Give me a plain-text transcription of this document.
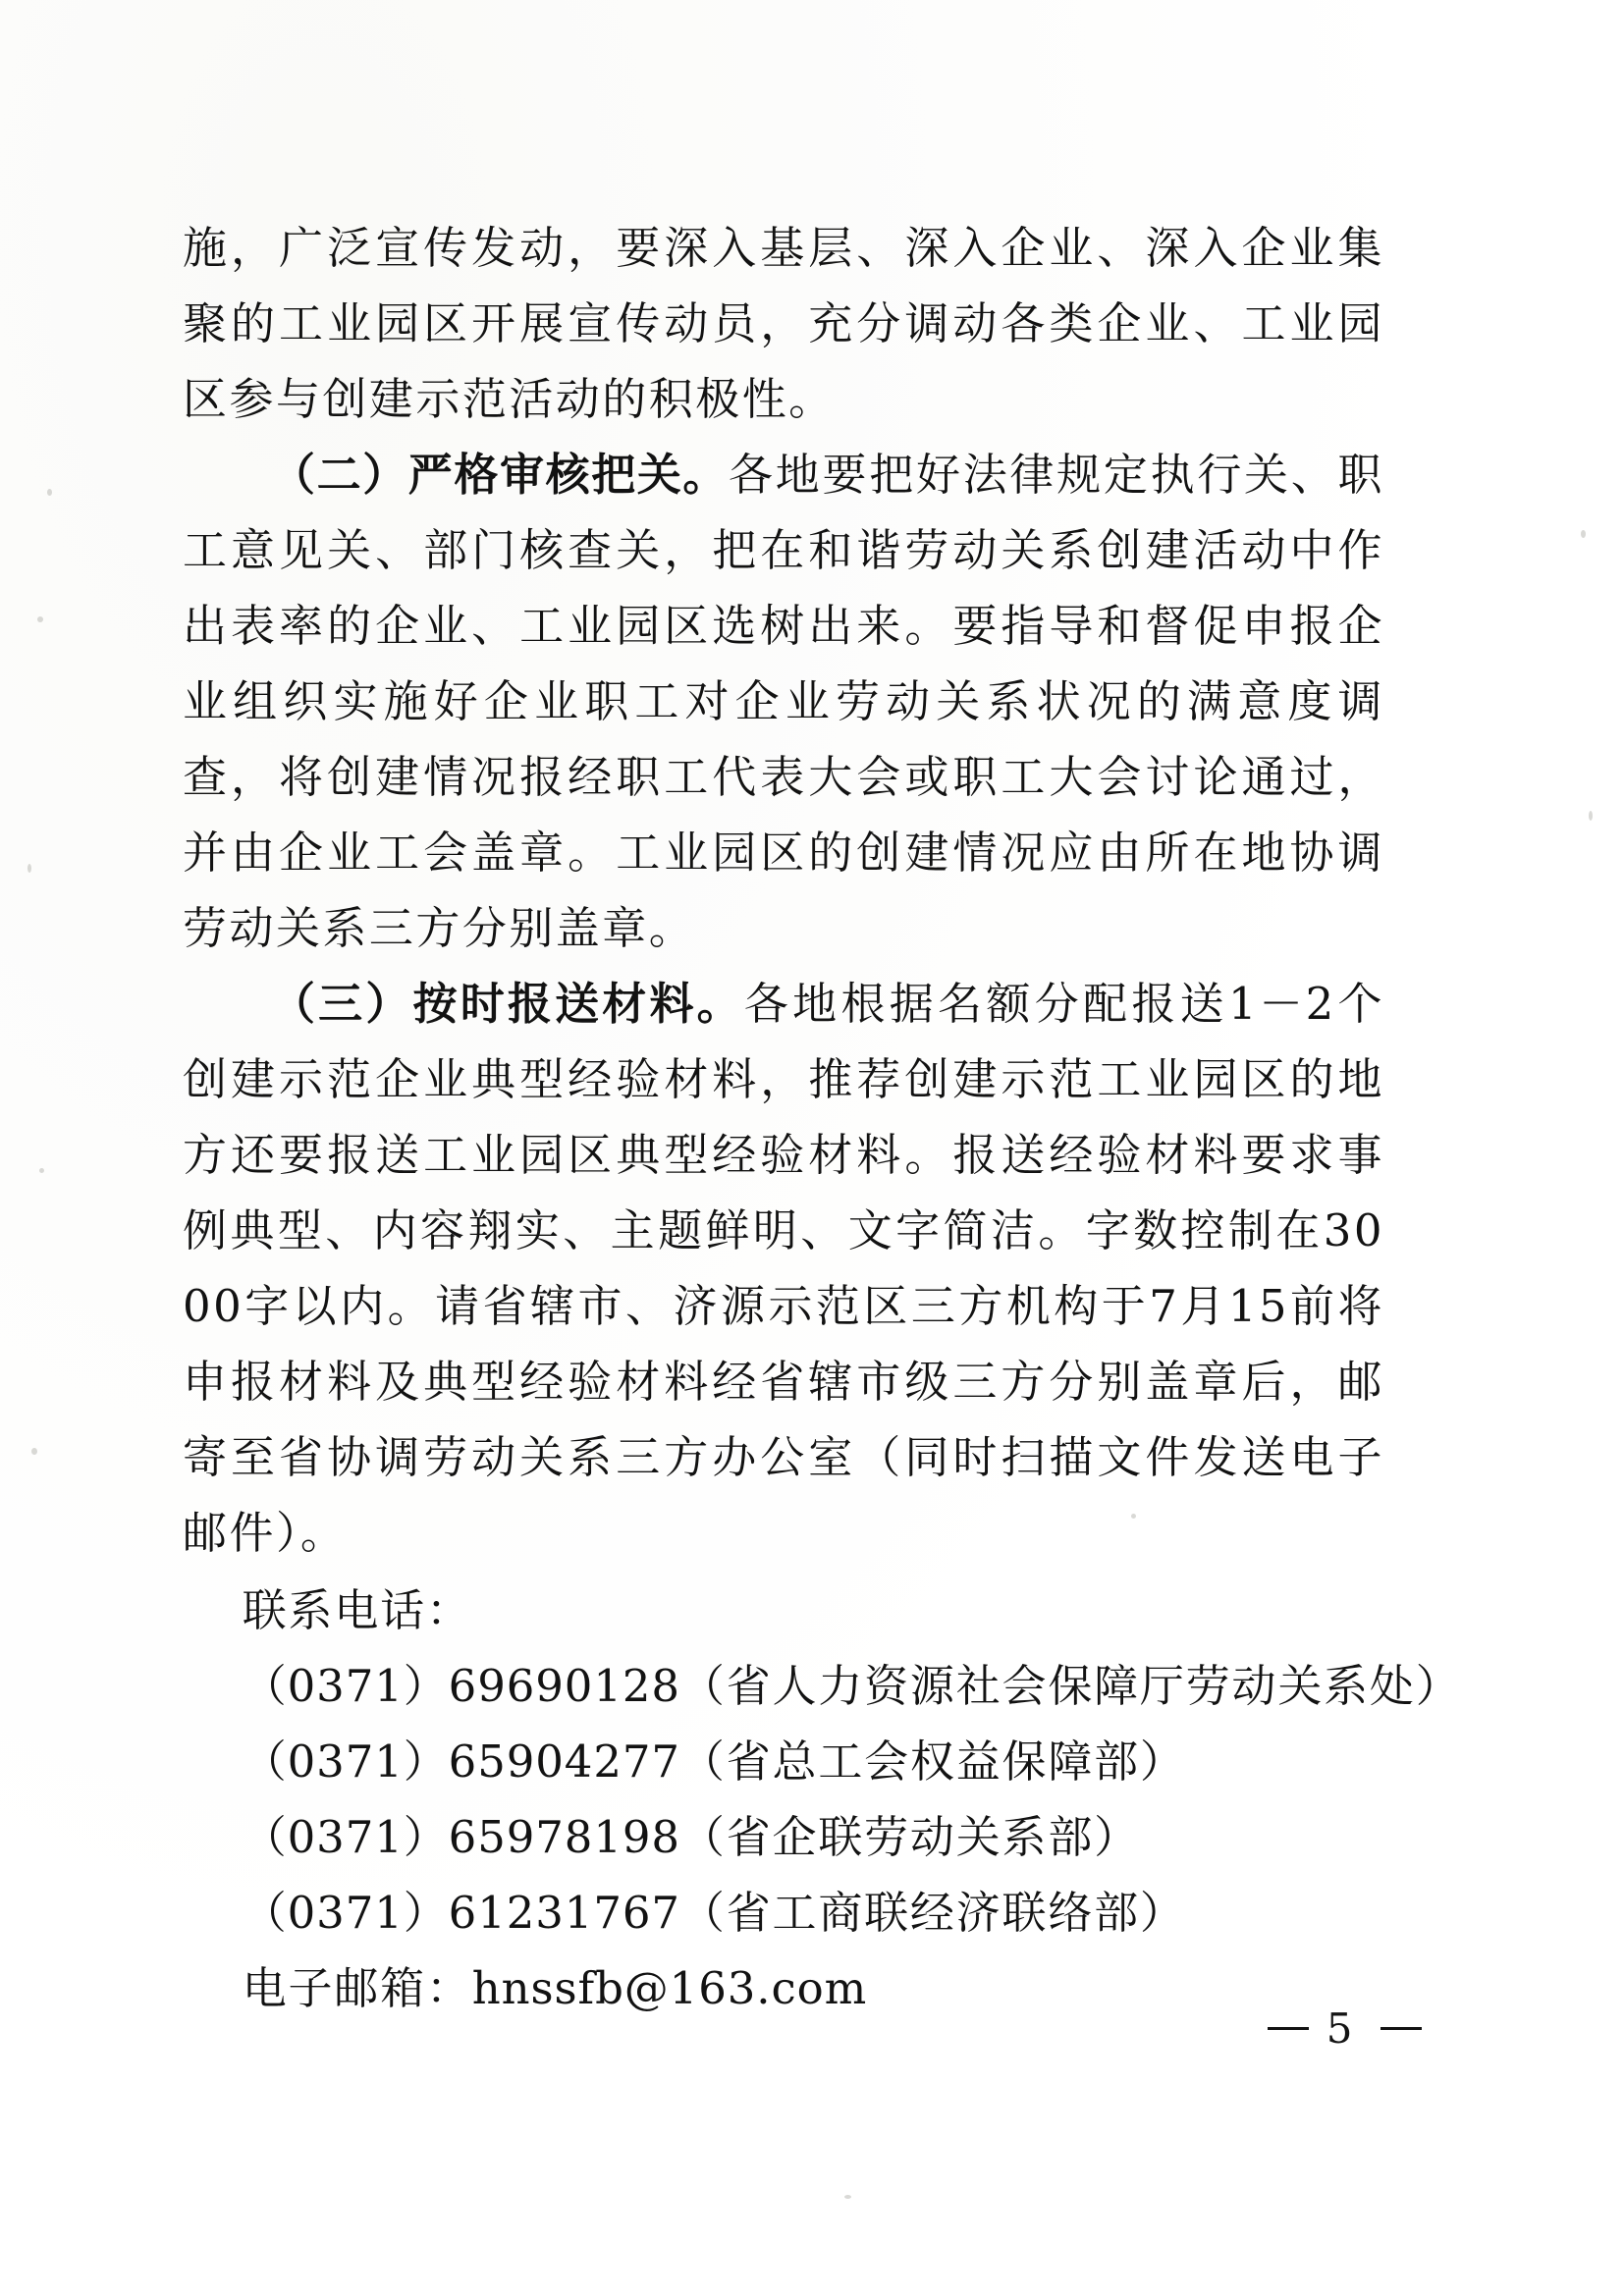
施，广泛宣传发动，要深入基层、深入企业、深入企业集聚的工业园区开展宣传动员，充分调动各类企业、工业园区参与创建示范活动的积极性。

（二）严格审核把关。各地要把好法律规定执行关、职工意见关、部门核查关，把在和谐劳动关系创建活动中作出表率的企业、工业园区选树出来。要指导和督促申报企业组织实施好企业职工对企业劳动关系状况的满意度调查，将创建情况报经职工代表大会或职工大会讨论通过，并由企业工会盖章。工业园区的创建情况应由所在地协调劳动关系三方分别盖章。

（三）按时报送材料。各地根据名额分配报送1－2个创建示范企业典型经验材料，推荐创建示范工业园区的地方还要报送工业园区典型经验材料。报送经验材料要求事例典型、内容翔实、主题鲜明、文字简洁。字数控制在3000字以内。请省辖市、济源示范区三方机构于7月15前将申报材料及典型经验材料经省辖市级三方分别盖章后，邮寄至省协调劳动关系三方办公室（同时扫描文件发送电子邮件）。

联系电话：

（0371）69690128（省人力资源社会保障厅劳动关系处）

（0371）65904277（省总工会权益保障部）

（0371）65978198（省企联劳动关系部）

（0371）61231767（省工商联经济联络部）

电子邮箱：hnssfb@163.com

5
